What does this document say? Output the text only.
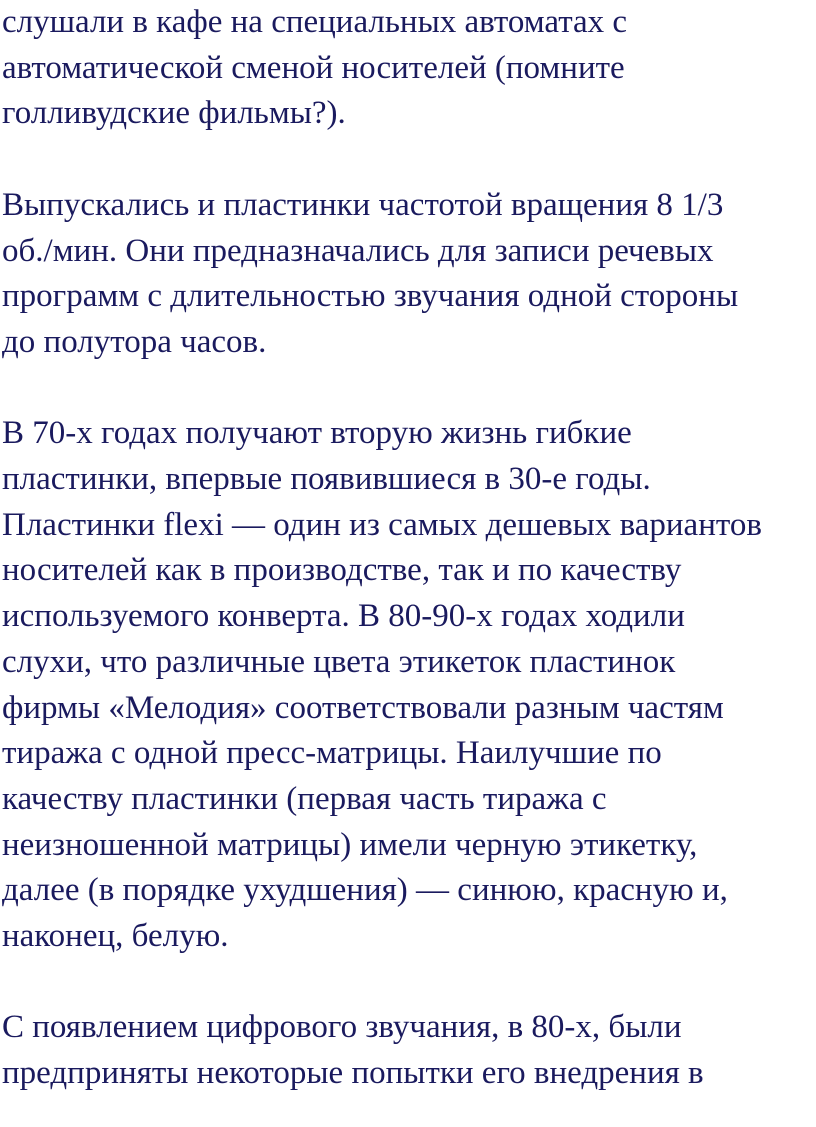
слушали в кафе на специальных автоматах с
автоматической сменой носителей (помните
голливудские фильмы?).
Выпускались и пластинки частотой вращения 8 1/3
об./мин. Они предназначались для записи речевых
программ с длительностью звучания одной стороны
до полутора часов.
В 70-х годах получают вторую жизнь гибкие
пластинки, впервые появившиеся в 30-е годы.
Пластинки flexi — один из самых дешевых вариантов
носителей как в производстве, так и по качеству
используемого конверта. В 80-90-х годах ходили
слухи, что различные цвета этикеток пластинок
фирмы «Мелодия» соответствовали разным частям
тиража с одной пресс-матрицы. Наилучшие по
качеству пластинки (первая часть тиража с
неизношенной матрицы) имели черную этикетку,
далее (в порядке ухудшения) — синюю, красную и,
наконец, белую.
С появлением цифрового звучания, в 80-х, были
предприняты некоторые попытки его внедрения в
